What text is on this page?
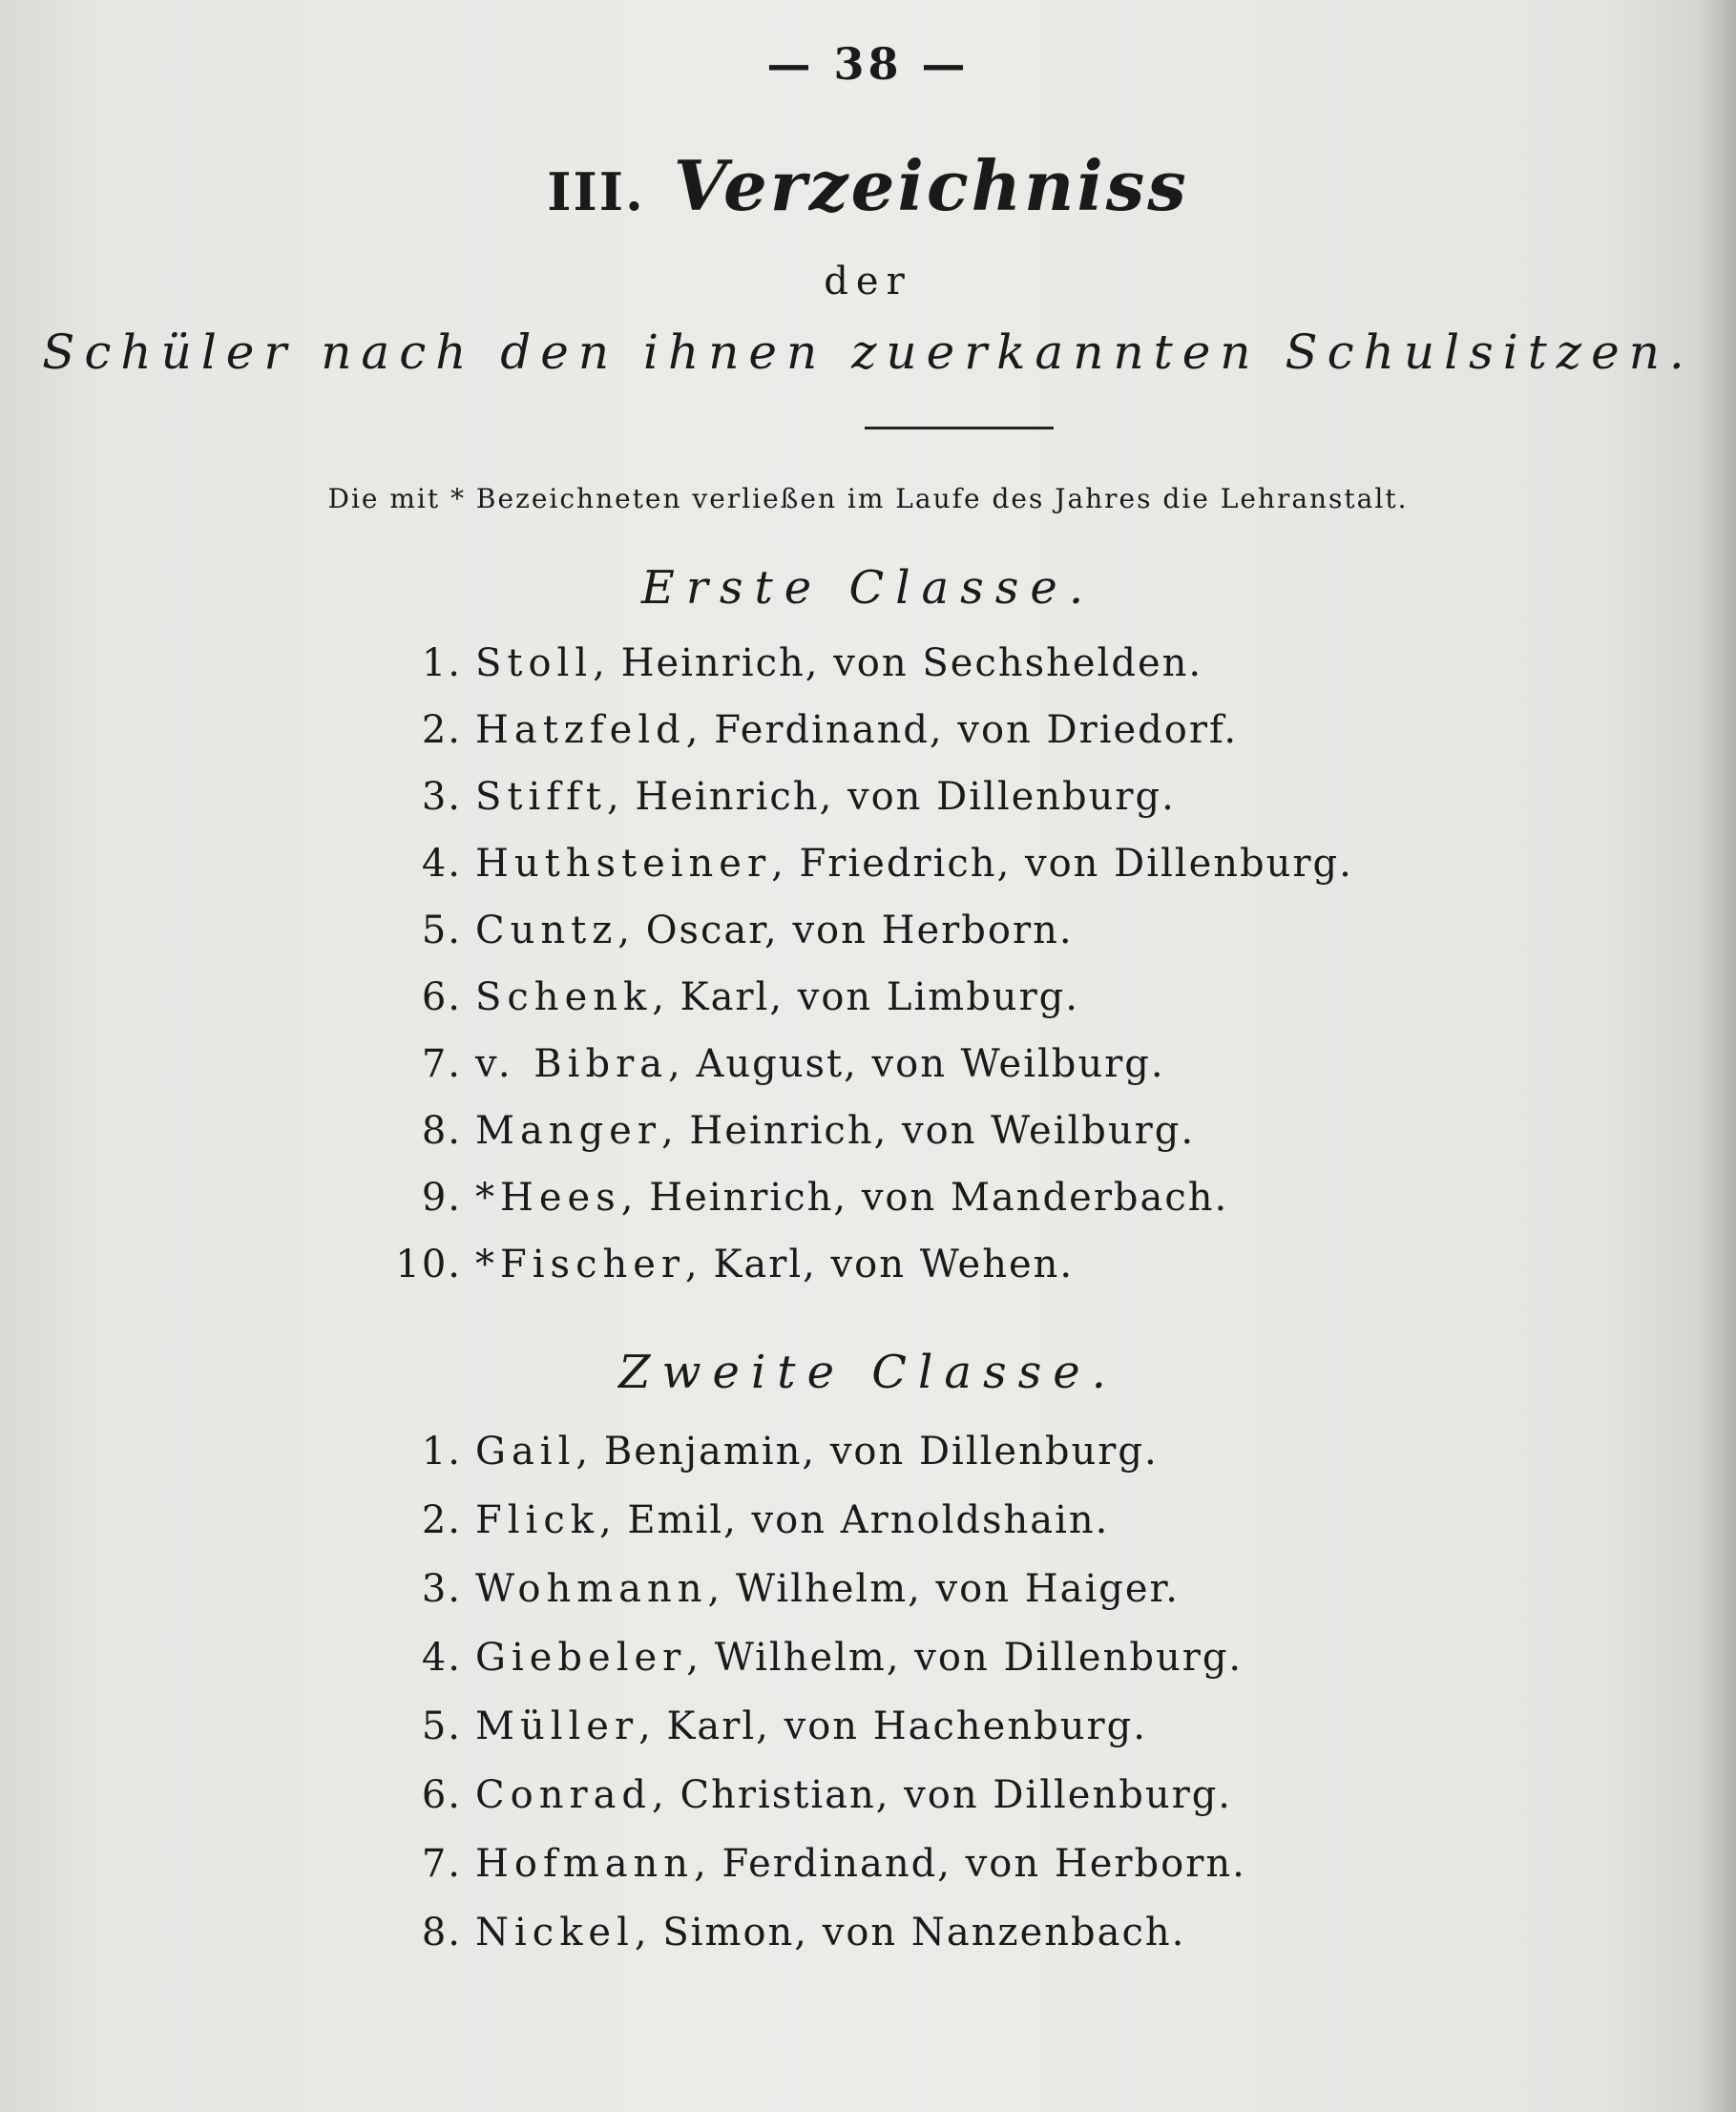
— 38 —
III. Verzeichniss
der
Schüler nach den ihnen zuerkannten Schulsitzen.
Die mit * Bezeichneten verließen im Laufe des Jahres die Lehranstalt.
Erste Classe.
1. Stoll, Heinrich, von Sechshelden.
2. Hatzfeld, Ferdinand, von Driedorf.
3. Stifft, Heinrich, von Dillenburg.
4. Huthsteiner, Friedrich, von Dillenburg.
5. Cuntz, Oscar, von Herborn.
6. Schenk, Karl, von Limburg.
7. v. Bibra, August, von Weilburg.
8. Manger, Heinrich, von Weilburg.
9. *Hees, Heinrich, von Manderbach.
10. *Fischer, Karl, von Wehen.
Zweite Classe.
1. Gail, Benjamin, von Dillenburg.
2. Flick, Emil, von Arnoldshain.
3. Wohmann, Wilhelm, von Haiger.
4. Giebeler, Wilhelm, von Dillenburg.
5. Müller, Karl, von Hachenburg.
6. Conrad, Christian, von Dillenburg.
7. Hofmann, Ferdinand, von Herborn.
8. Nickel, Simon, von Nanzenbach.
